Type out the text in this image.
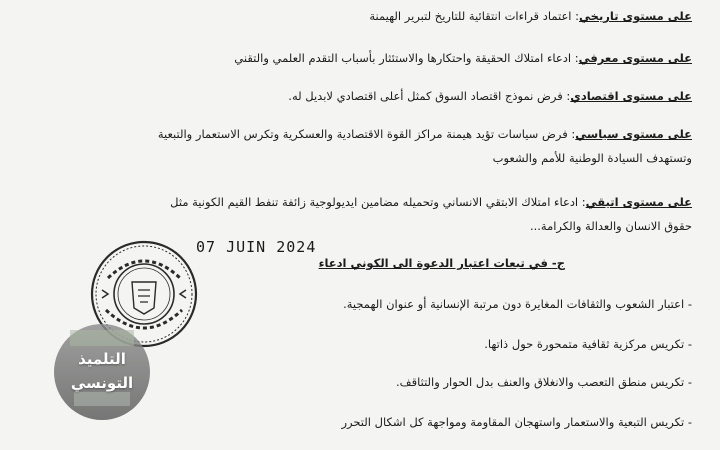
على مستوى تاريخي: اعتماد قراءات انتقائية للتاريخ لتبرير الهيمنة
على مستوى معرفي: ادعاء امتلاك الحقيقة واحتكارها والاستئثار بأسباب التقدم العلمي والتقني
على مستوى اقتصادي: فرض نموذج اقتصاد السوق كمثل أعلى اقتصادي لابديل له.
على مستوى سياسي: فرض سياسات تؤيد هيمنة مراكز القوة الاقتصادية والعسكرية وتكرس الاستعمار والتبعية
وتستهدف السيادة الوطنية للأمم والشعوب
على مستوى اتيقي: ادعاء امتلاك الابتقي الانساني وتحميله مضامين ايديولوجية زائفة تنفط القيم الكونية مثل
حقوق الانسان والعدالة والكرامة...
07 JUIN 2024
ج- في تبعات اعتبار الدعوة الى الكوني ادعاء
- اعتبار الشعوب والثقافات المغايرة دون مرتبة الإنسانية أو عنوان الهمجية.
- تكريس مركزية ثقافية متمحورة حول ذاتها.
- تكريس منطق التعصب والانغلاق والعنف بدل الحوار والتثاقف.
- تكريس التبعية والاستعمار واستهجان المقاومة ومواجهة كل اشكال التحرر
التلميذ
التونسي
